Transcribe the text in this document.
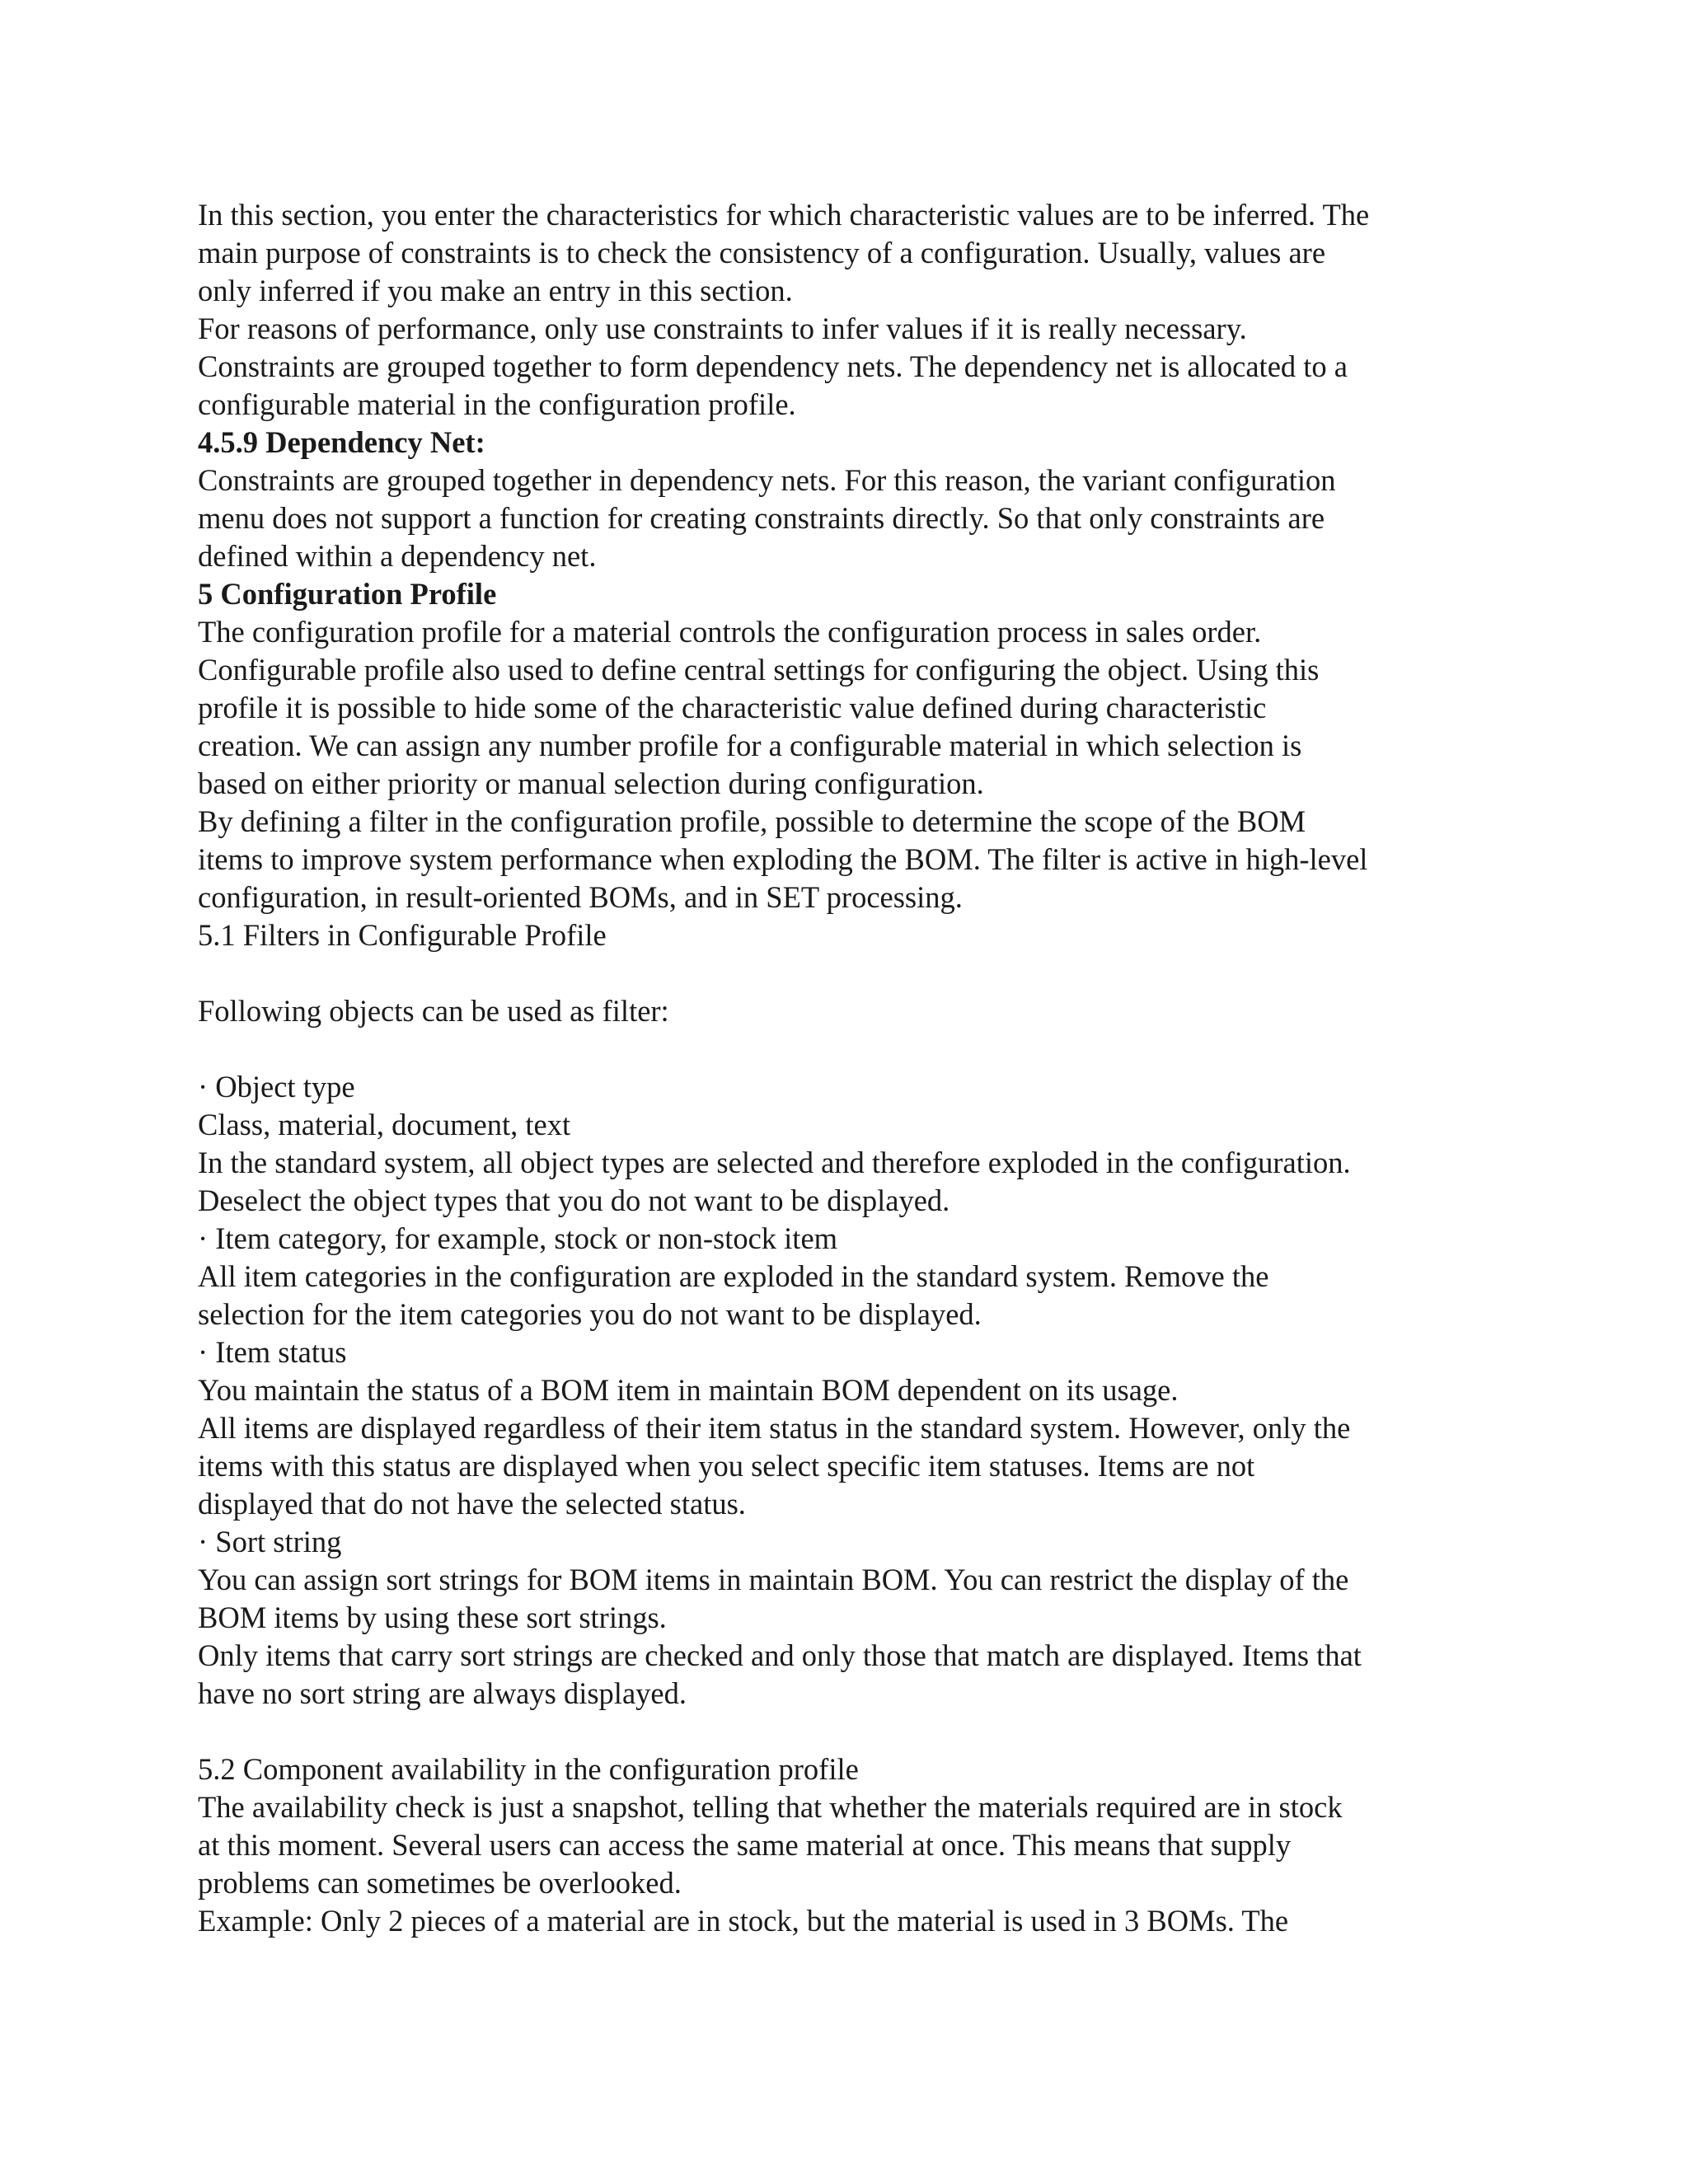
In this section, you enter the characteristics for which characteristic values are to be inferred. The
main purpose of constraints is to check the consistency of a configuration. Usually, values are
only inferred if you make an entry in this section.
For reasons of performance, only use constraints to infer values if it is really necessary.
Constraints are grouped together to form dependency nets. The dependency net is allocated to a
configurable material in the configuration profile.
4.5.9 Dependency Net:
Constraints are grouped together in dependency nets. For this reason, the variant configuration
menu does not support a function for creating constraints directly. So that only constraints are
defined within a dependency net.
5 Configuration Profile
The configuration profile for a material controls the configuration process in sales order.
Configurable profile also used to define central settings for configuring the object. Using this
profile it is possible to hide some of the characteristic value defined during characteristic
creation. We can assign any number profile for a configurable material in which selection is
based on either priority or manual selection during configuration.
By defining a filter in the configuration profile, possible to determine the scope of the BOM
items to improve system performance when exploding the BOM. The filter is active in high-level
configuration, in result-oriented BOMs, and in SET processing.
5.1 Filters in Configurable Profile
Following objects can be used as filter:
· Object type
Class, material, document, text
In the standard system, all object types are selected and therefore exploded in the configuration.
Deselect the object types that you do not want to be displayed.
· Item category, for example, stock or non-stock item
All item categories in the configuration are exploded in the standard system. Remove the
selection for the item categories you do not want to be displayed.
· Item status
You maintain the status of a BOM item in maintain BOM dependent on its usage.
All items are displayed regardless of their item status in the standard system. However, only the
items with this status are displayed when you select specific item statuses. Items are not
displayed that do not have the selected status.
· Sort string
You can assign sort strings for BOM items in maintain BOM. You can restrict the display of the
BOM items by using these sort strings.
Only items that carry sort strings are checked and only those that match are displayed. Items that
have no sort string are always displayed.
5.2 Component availability in the configuration profile
The availability check is just a snapshot, telling that whether the materials required are in stock
at this moment. Several users can access the same material at once. This means that supply
problems can sometimes be overlooked.
Example: Only 2 pieces of a material are in stock, but the material is used in 3 BOMs. The
